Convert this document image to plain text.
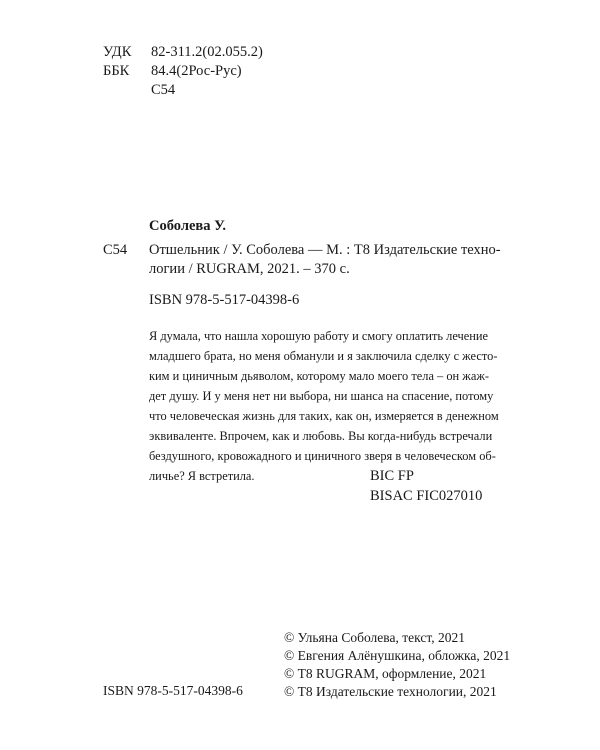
УДК	82-311.2(02.055.2)
ББК	84.4(2Рос-Рус)
С54
Соболева У.
С54 Отшельник / У. Соболева — М. : Т8 Издательские техно-
логии / RUGRAM, 2021. – 370 с.
ISBN 978-5-517-04398-6
Я думала, что нашла хорошую работу и смогу оплатить лечение
младшего брата, но меня обманули и я заключила сделку с жесто-
ким и циничным дьяволом, которому мало моего тела – он жаж-
дет душу. И у меня нет ни выбора, ни шанса на спасение, потому
что человеческая жизнь для таких, как он, измеряется в денежном
эквиваленте. Впрочем, как и любовь. Вы когда-нибудь встречали
бездушного, кровожадного и циничного зверя в человеческом об-
личье? Я встретила.	BIC FP
BISAC FIC027010
ISBN 978-5-517-04398-6
© Ульяна Соболева, текст, 2021
© Евгения Алёнушкина, обложка, 2021
© Т8 RUGRAM, оформление, 2021
© Т8 Издательские технологии, 2021
